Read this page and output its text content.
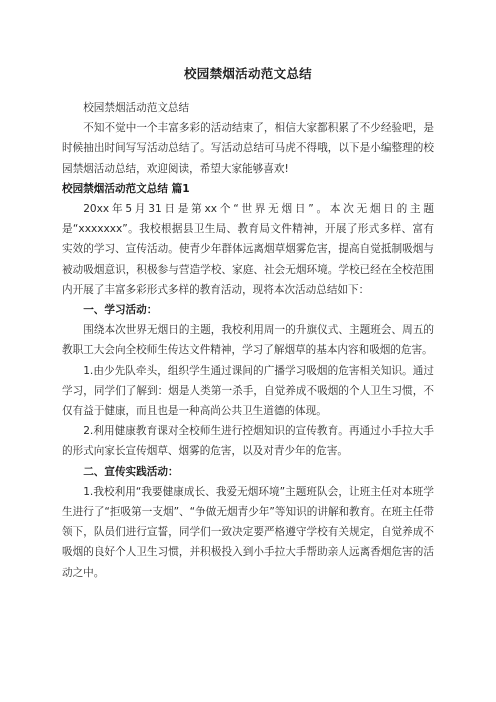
校园禁烟活动范文总结

校园禁烟活动范文总结

不知不觉中一个丰富多彩的活动结束了，相信大家都积累了不少经验吧，是时候抽出时间写写活动总结了。写活动总结可马虎不得哦，以下是小编整理的校园禁烟活动总结，欢迎阅读，希望大家能够喜欢!

校园禁烟活动范文总结 篇1

20xx年5月31日是第xx个“世界无烟日”。本次无烟日的主题是“xxxxxxx”。我校根据县卫生局、教育局文件精神，开展了形式多样、富有实效的学习、宣传活动。使青少年群体远离烟草烟雾危害，提高自觉抵制吸烟与被动吸烟意识，积极参与营造学校、家庭、社会无烟环境。学校已经在全校范围内开展了丰富多彩形式多样的教育活动，现将本次活动总结如下：

一、学习活动：

围绕本次世界无烟日的主题，我校利用周一的升旗仪式、主题班会、周五的教职工大会向全校师生传达文件精神，学习了解烟草的基本内容和吸烟的危害。

1.由少先队牵头，组织学生通过课间的广播学习吸烟的危害相关知识。通过学习，同学们了解到：烟是人类第一杀手，自觉养成不吸烟的个人卫生习惯，不仅有益于健康，而且也是一种高尚公共卫生道德的体现。

2.利用健康教育课对全校师生进行控烟知识的宣传教育。再通过小手拉大手的形式向家长宣传烟草、烟雾的危害，以及对青少年的危害。

二、宣传实践活动：

1.我校利用“我要健康成长、我爱无烟环境”主题班队会，让班主任对本班学生进行了“拒吸第一支烟”、“争做无烟青少年”等知识的讲解和教育。在班主任带领下，队员们进行宣誓，同学们一致决定要严格遵守学校有关规定，自觉养成不吸烟的良好个人卫生习惯，并积极投入到小手拉大手帮助亲人远离香烟危害的活动之中。
